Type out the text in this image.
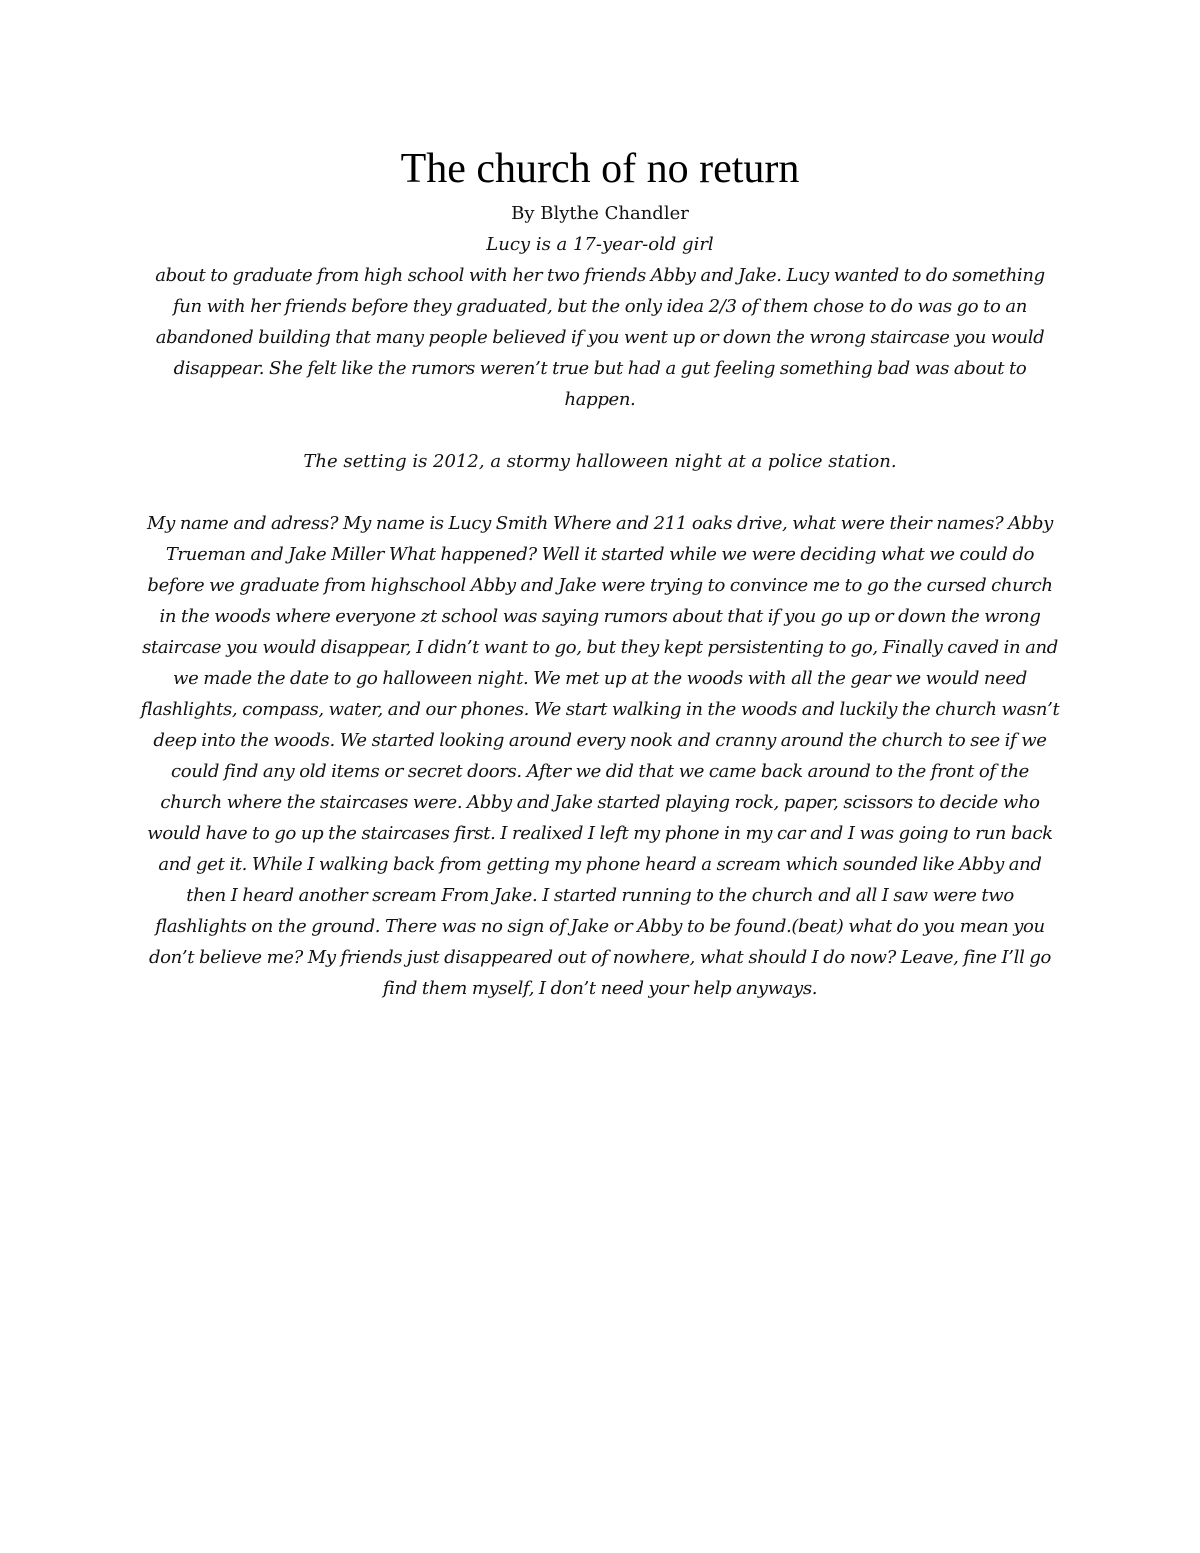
The church of no return

By Blythe Chandler

Lucy is a 17-year-old girl

about to graduate from high school with her two friends Abby and Jake. Lucy wanted to do something fun with her friends before they graduated, but the only idea 2/3 of them chose to do was go to an abandoned building that many people believed if you went up or down the wrong staircase you would disappear. She felt like the rumors weren’t true but had a gut feeling something bad was about to happen.

The setting is 2012, a stormy halloween night at a police station.

My name and adress? My name is Lucy Smith Where and 211 oaks drive, what were their names? Abby Trueman and Jake Miller What happened? Well it started while we were deciding what we could do before we graduate from highschool Abby and Jake were trying to convince me to go the cursed church in the woods where everyone zt school was saying rumors about that if you go up or down the wrong staircase you would disappear, I didn’t want to go, but they kept persistenting to go, Finally caved in and we made the date to go halloween night. We met up at the woods with all the gear we would need flashlights, compass, water, and our phones. We start walking in the woods and luckily the church wasn’t deep into the woods. We started looking around every nook and cranny around the church to see if we could find any old items or secret doors. After we did that we came back around to the front of the church where the staircases were. Abby and Jake started playing rock, paper, scissors to decide who would have to go up the staircases first. I realixed I left my phone in my car and I was going to run back and get it. While I walking back from getting my phone heard a scream which sounded like Abby and then I heard another scream From Jake. I started running to the church and all I saw were two flashlights on the ground. There was no sign of Jake or Abby to be found.(beat) what do you mean you don’t believe me? My friends just disappeared out of nowhere, what should I do now? Leave, fine I’ll go find them myself, I don’t need your help anyways.
